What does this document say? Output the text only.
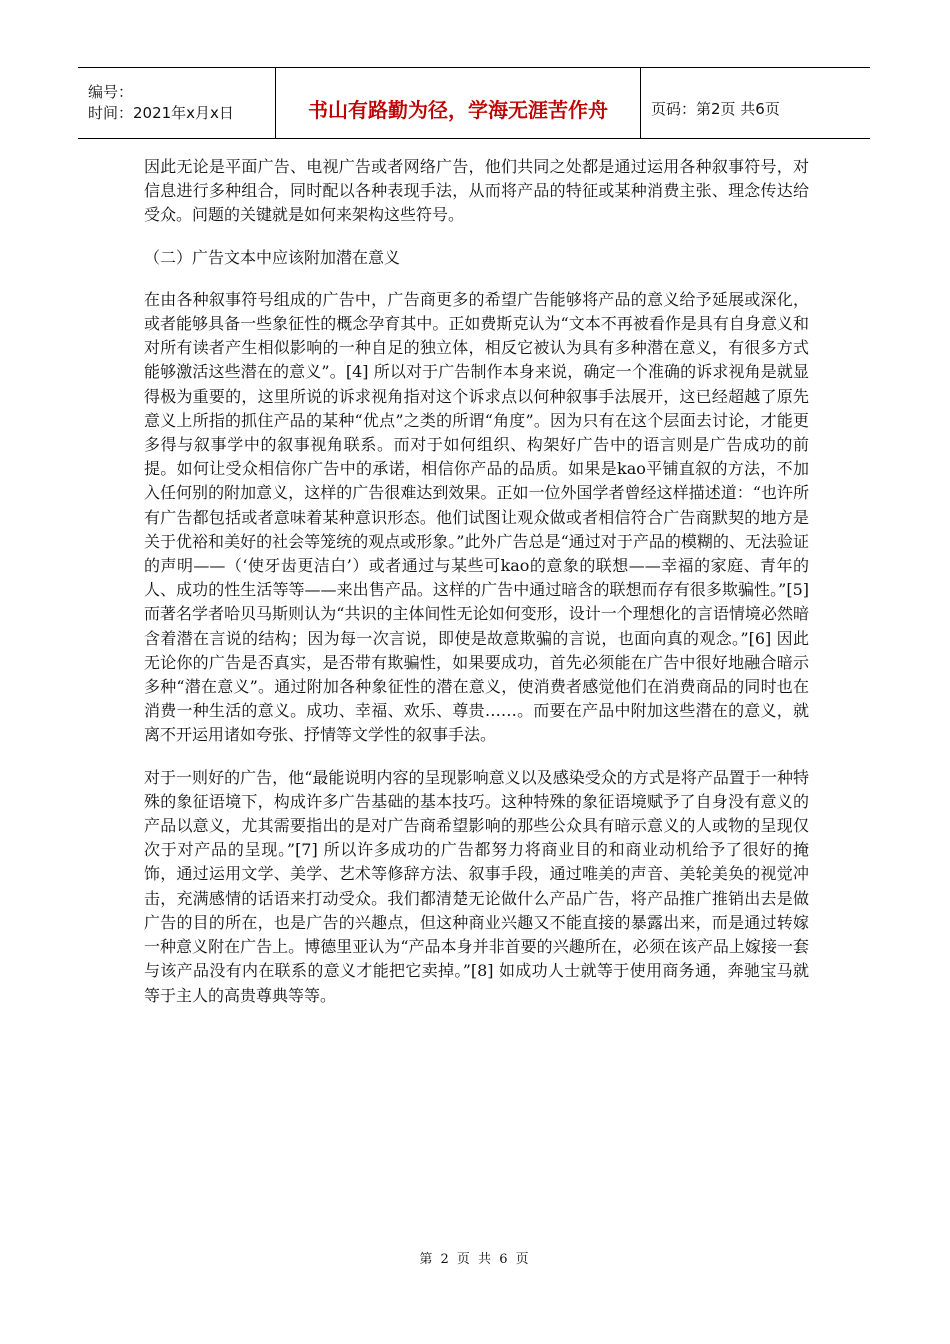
编号：
时间：2021年x月x日	书山有路勤为径，学海无涯苦作舟	页码：第2页 共6页

因此无论是平面广告、电视广告或者网络广告，他们共同之处都是通过运用各种叙事符号，对信息进行多种组合，同时配以各种表现手法，从而将产品的特征或某种消费主张、理念传达给受众。问题的关键就是如何来架构这些符号。

（二）广告文本中应该附加潜在意义

在由各种叙事符号组成的广告中，广告商更多的希望广告能够将产品的意义给予延展或深化，或者能够具备一些象征性的概念孕育其中。正如费斯克认为“文本不再被看作是具有自身意义和对所有读者产生相似影响的一种自足的独立体，相反它被认为具有多种潜在意义，有很多方式能够激活这些潜在的意义”。[4] 所以对于广告制作本身来说，确定一个准确的诉求视角是就显得极为重要的，这里所说的诉求视角指对这个诉求点以何种叙事手法展开，这已经超越了原先意义上所指的抓住产品的某种“优点”之类的所谓“角度”。因为只有在这个层面去讨论，才能更多得与叙事学中的叙事视角联系。而对于如何组织、构架好广告中的语言则是广告成功的前提。如何让受众相信你广告中的承诺，相信你产品的品质。如果是kao平铺直叙的方法，不加入任何别的附加意义，这样的广告很难达到效果。正如一位外国学者曾经这样描述道：“也许所有广告都包括或者意味着某种意识形态。他们试图让观众做或者相信符合广告商默契的地方是关于优裕和美好的社会等笼统的观点或形象。”此外广告总是“通过对于产品的模糊的、无法验证的声明——（‘使牙齿更洁白’）或者通过与某些可kao的意象的联想——幸福的家庭、青年的人、成功的性生活等等——来出售产品。这样的广告中通过暗含的联想而存有很多欺骗性。”[5] 而著名学者哈贝马斯则认为“共识的主体间性无论如何变形，设计一个理想化的言语情境必然暗含着潜在言说的结构；因为每一次言说，即使是故意欺骗的言说，也面向真的观念。”[6] 因此无论你的广告是否真实，是否带有欺骗性，如果要成功，首先必须能在广告中很好地融合暗示多种“潜在意义”。通过附加各种象征性的潜在意义，使消费者感觉他们在消费商品的同时也在消费一种生活的意义。成功、幸福、欢乐、尊贵……。而要在产品中附加这些潜在的意义，就离不开运用诸如夸张、抒情等文学性的叙事手法。

对于一则好的广告，他“最能说明内容的呈现影响意义以及感染受众的方式是将产品置于一种特殊的象征语境下，构成许多广告基础的基本技巧。这种特殊的象征语境赋予了自身没有意义的产品以意义，尤其需要指出的是对广告商希望影响的那些公众具有暗示意义的人或物的呈现仅次于对产品的呈现。”[7] 所以许多成功的广告都努力将商业目的和商业动机给予了很好的掩饰，通过运用文学、美学、艺术等修辞方法、叙事手段，通过唯美的声音、美轮美奂的视觉冲击，充满感情的话语来打动受众。我们都清楚无论做什么产品广告，将产品推广推销出去是做广告的目的所在，也是广告的兴趣点，但这种商业兴趣又不能直接的暴露出来，而是通过转嫁一种意义附在广告上。博德里亚认为“产品本身并非首要的兴趣所在，必须在该产品上嫁接一套与该产品没有内在联系的意义才能把它卖掉。”[8] 如成功人士就等于使用商务通，奔驰宝马就等于主人的高贵尊典等等。

第 2 页 共 6 页
